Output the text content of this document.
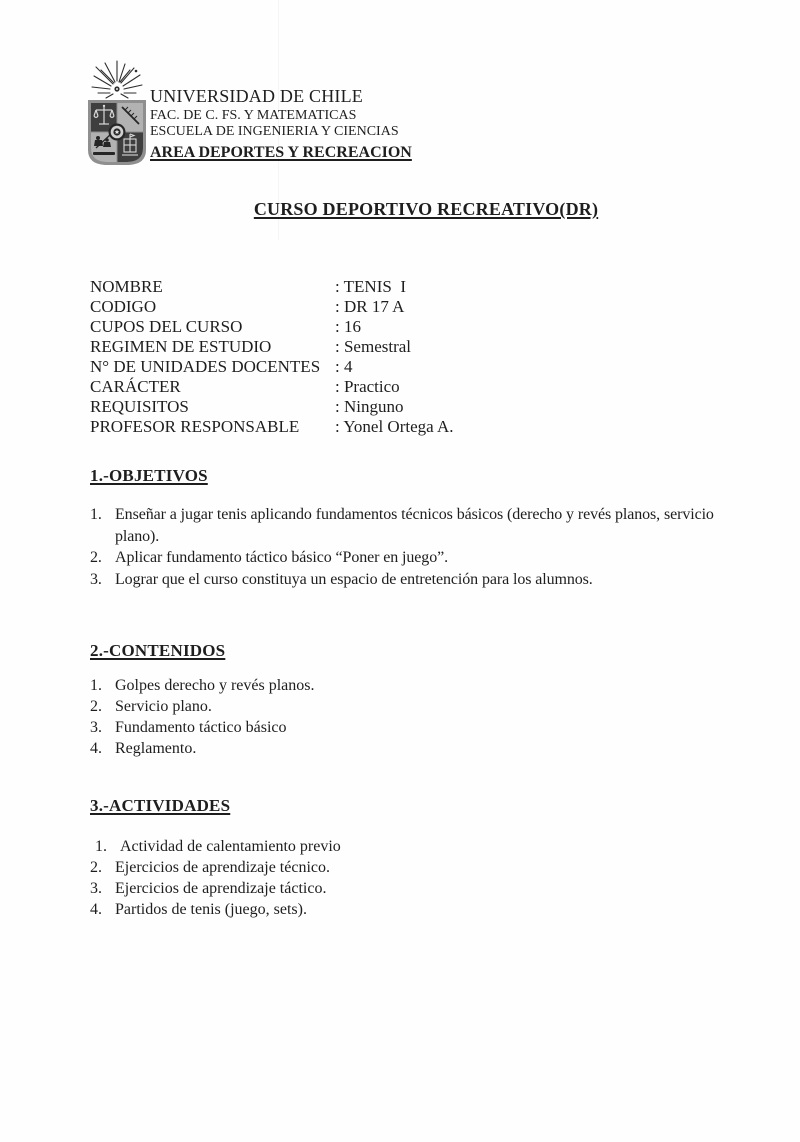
UNIVERSIDAD DE CHILE
FAC. DE C. FS. Y MATEMATICAS
ESCUELA DE INGENIERIA Y CIENCIAS
AREA DEPORTES Y RECREACION
CURSO DEPORTIVO RECREATIVO(DR)
NOMBRE	: TENIS  I
CODIGO	: DR 17 A
CUPOS DEL CURSO	: 16
REGIMEN DE ESTUDIO	: Semestral
N° DE UNIDADES DOCENTES : 4
CARÁCTER	: Practico
REQUISITOS	: Ninguno
PROFESOR RESPONSABLE	: Yonel Ortega A.
1.-OBJETIVOS
Enseñar a jugar tenis aplicando fundamentos técnicos básicos (derecho y revés planos, servicio plano).
Aplicar fundamento táctico básico “Poner en juego”.
Lograr que el curso constituya un espacio de entretención para los alumnos.
2.-CONTENIDOS
Golpes derecho y revés planos.
Servicio plano.
Fundamento táctico básico
Reglamento.
3.-ACTIVIDADES
Actividad de calentamiento previo
Ejercicios de aprendizaje técnico.
Ejercicios de aprendizaje táctico.
Partidos de tenis (juego, sets).
